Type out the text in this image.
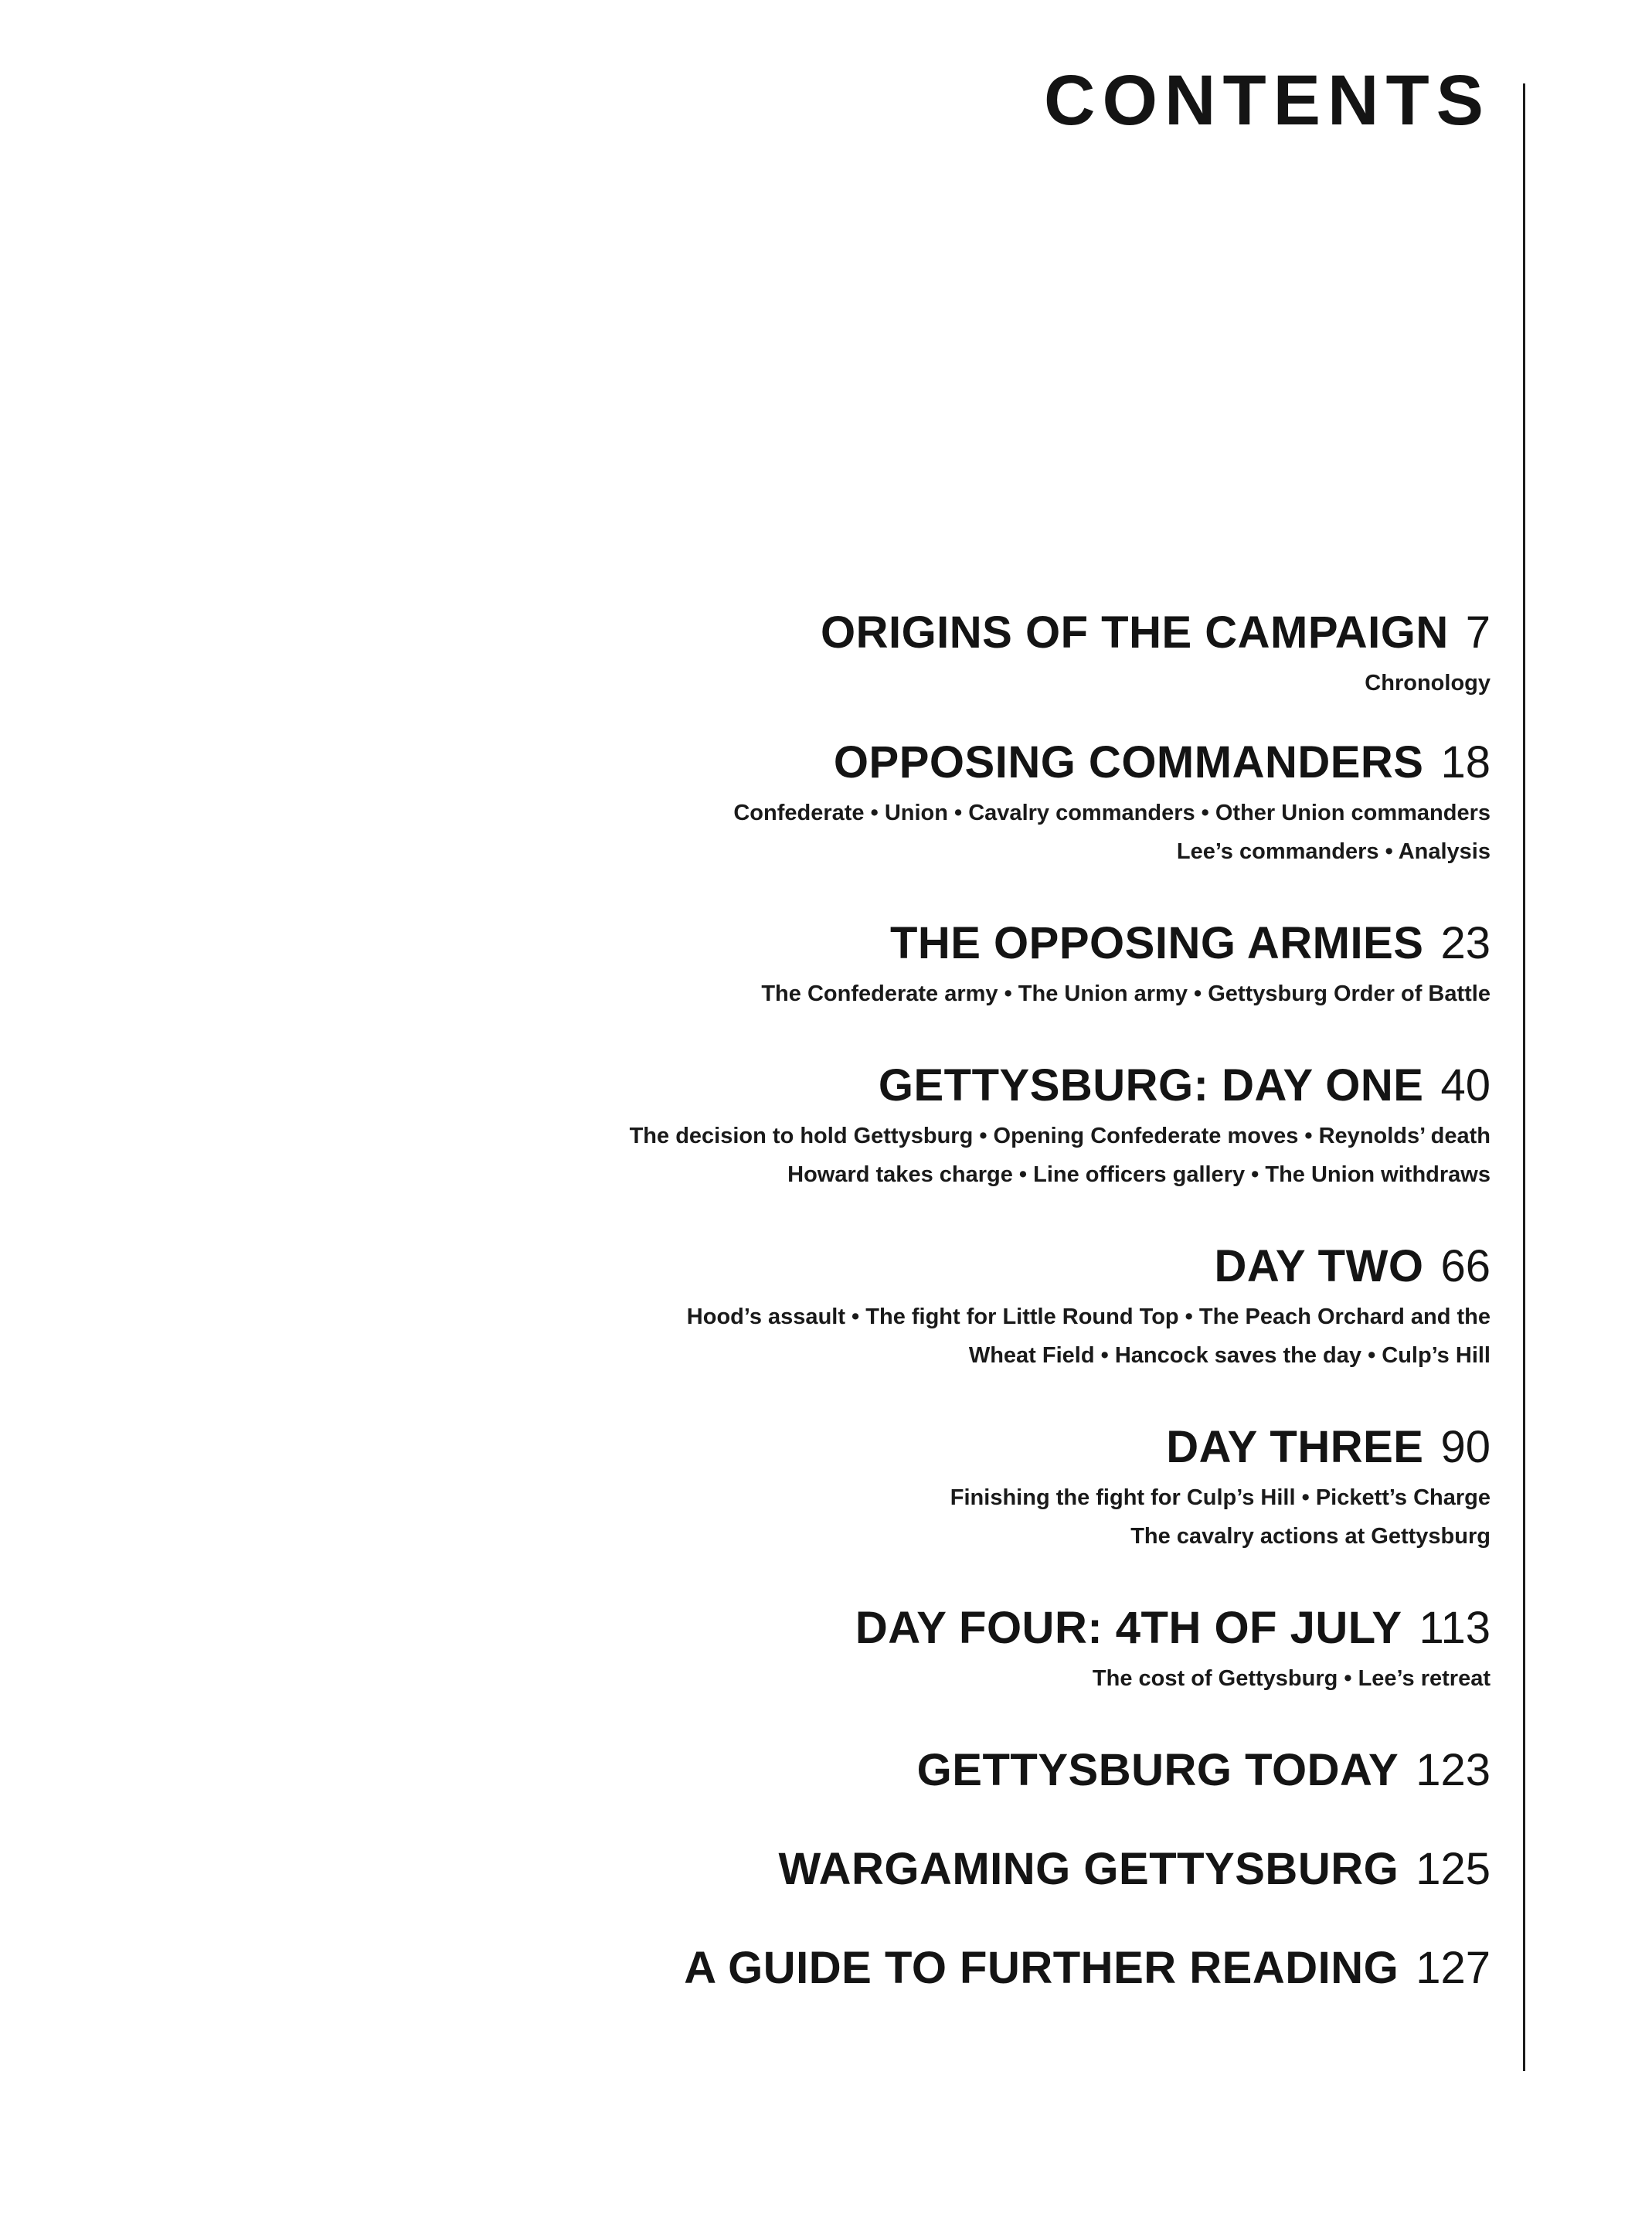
CONTENTS
ORIGINS OF THE CAMPAIGN 7
Chronology
OPPOSING COMMANDERS 18
Confederate • Union • Cavalry commanders • Other Union commanders
Lee’s commanders • Analysis
THE OPPOSING ARMIES 23
The Confederate army • The Union army • Gettysburg Order of Battle
GETTYSBURG: DAY ONE 40
The decision to hold Gettysburg • Opening Confederate moves • Reynolds’ death
Howard takes charge • Line officers gallery • The Union withdraws
DAY TWO 66
Hood’s assault • The fight for Little Round Top • The Peach Orchard and the
Wheat Field • Hancock saves the day • Culp’s Hill
DAY THREE 90
Finishing the fight for Culp’s Hill • Pickett’s Charge
The cavalry actions at Gettysburg
DAY FOUR: 4TH OF JULY 113
The cost of Gettysburg • Lee’s retreat
GETTYSBURG TODAY 123
WARGAMING GETTYSBURG 125
A GUIDE TO FURTHER READING 127
